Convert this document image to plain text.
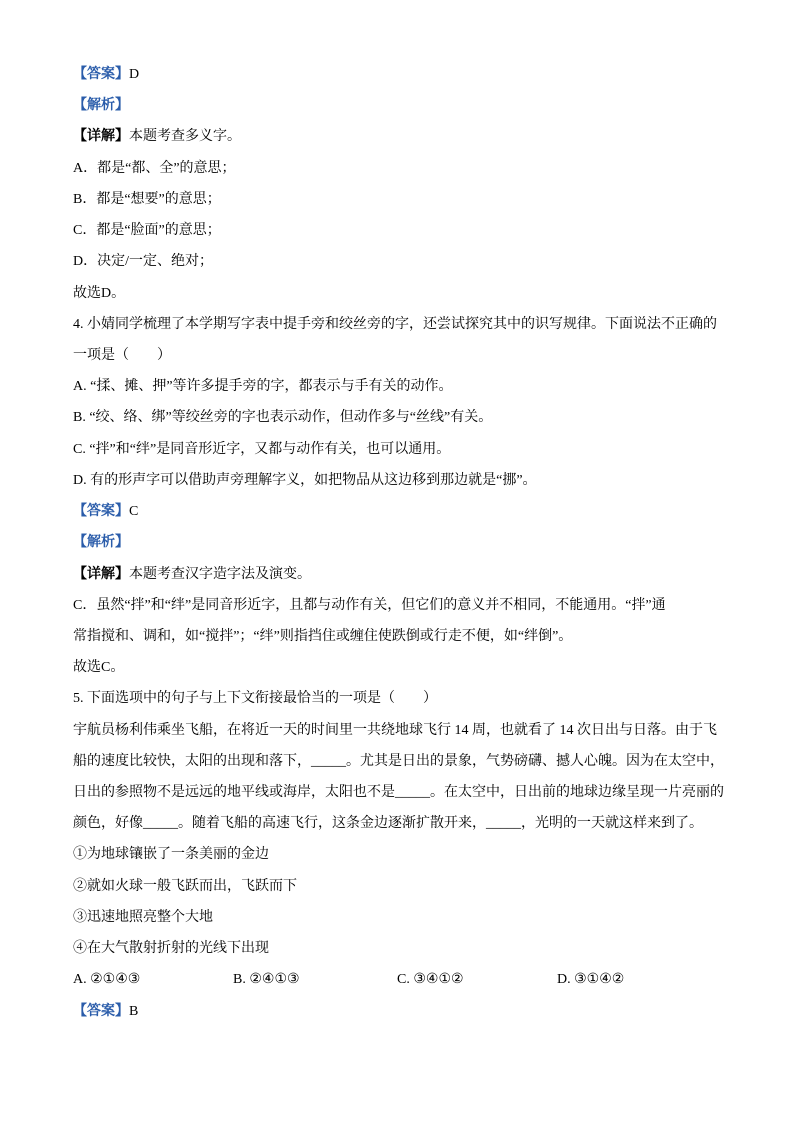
【答案】D
【解析】
【详解】本题考查多义字。
A．都是“都、全”的意思；
B．都是“想要”的意思；
C．都是“脸面”的意思；
D．决定/一定、绝对；
故选D。
4. 小婧同学梳理了本学期写字表中提手旁和绞丝旁的字，还尝试探究其中的识写规律。下面说法不正确的
一项是（　　）
A. “揉、摊、押”等许多提手旁的字，都表示与手有关的动作。
B. “绞、络、绑”等绞丝旁的字也表示动作，但动作多与“丝线”有关。
C. “拌”和“绊”是同音形近字，又都与动作有关，也可以通用。
D. 有的形声字可以借助声旁理解字义，如把物品从这边移到那边就是“挪”。
【答案】C
【解析】
【详解】本题考查汉字造字法及演变。
C．虽然“拌”和“绊”是同音形近字，且都与动作有关，但它们的意义并不相同，不能通用。“拌”通
常指搅和、调和，如“搅拌”；“绊”则指挡住或缠住使跌倒或行走不便，如“绊倒”。
故选C。
5. 下面选项中的句子与上下文衔接最恰当的一项是（　　）
宇航员杨利伟乘坐飞船，在将近一天的时间里一共绕地球飞行 14 周，也就看了 14 次日出与日落。由于飞
船的速度比较快，太阳的出现和落下，_____。尤其是日出的景象，气势磅礴、撼人心魄。因为在太空中，
日出的参照物不是远远的地平线或海岸，太阳也不是_____。在太空中，日出前的地球边缘呈现一片亮丽的
颜色，好像_____。随着飞船的高速飞行，这条金边逐渐扩散开来，_____，光明的一天就这样来到了。
①为地球镶嵌了一条美丽的金边
②就如火球一般飞跃而出，飞跃而下
③迅速地照亮整个大地
④在大气散射折射的光线下出现
A. ②①④③	B. ②④①③	C. ③④①②	D. ③①④②
【答案】B
